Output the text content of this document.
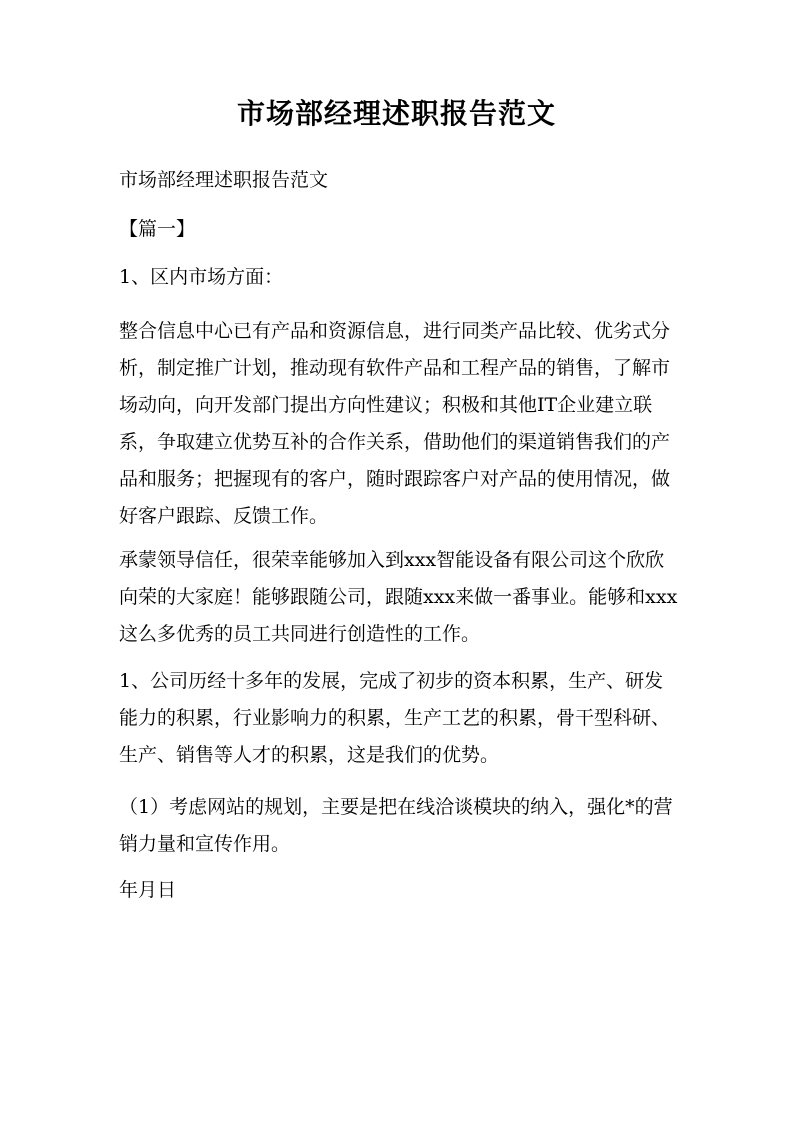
市场部经理述职报告范文

市场部经理述职报告范文

【篇一】

1、区内市场方面：

整合信息中心已有产品和资源信息，进行同类产品比较、优劣式分析，制定推广计划，推动现有软件产品和工程产品的销售，了解市场动向，向开发部门提出方向性建议；积极和其他IT企业建立联系，争取建立优势互补的合作关系，借助他们的渠道销售我们的产品和服务；把握现有的客户，随时跟踪客户对产品的使用情况，做好客户跟踪、反馈工作。

承蒙领导信任，很荣幸能够加入到xxx智能设备有限公司这个欣欣向荣的大家庭！能够跟随公司，跟随xxx来做一番事业。能够和xxx这么多优秀的员工共同进行创造性的工作。

1、公司历经十多年的发展，完成了初步的资本积累，生产、研发能力的积累，行业影响力的积累，生产工艺的积累，骨干型科研、生产、销售等人才的积累，这是我们的优势。

（1）考虑网站的规划，主要是把在线洽谈模块的纳入，强化*的营销力量和宣传作用。

年月日
